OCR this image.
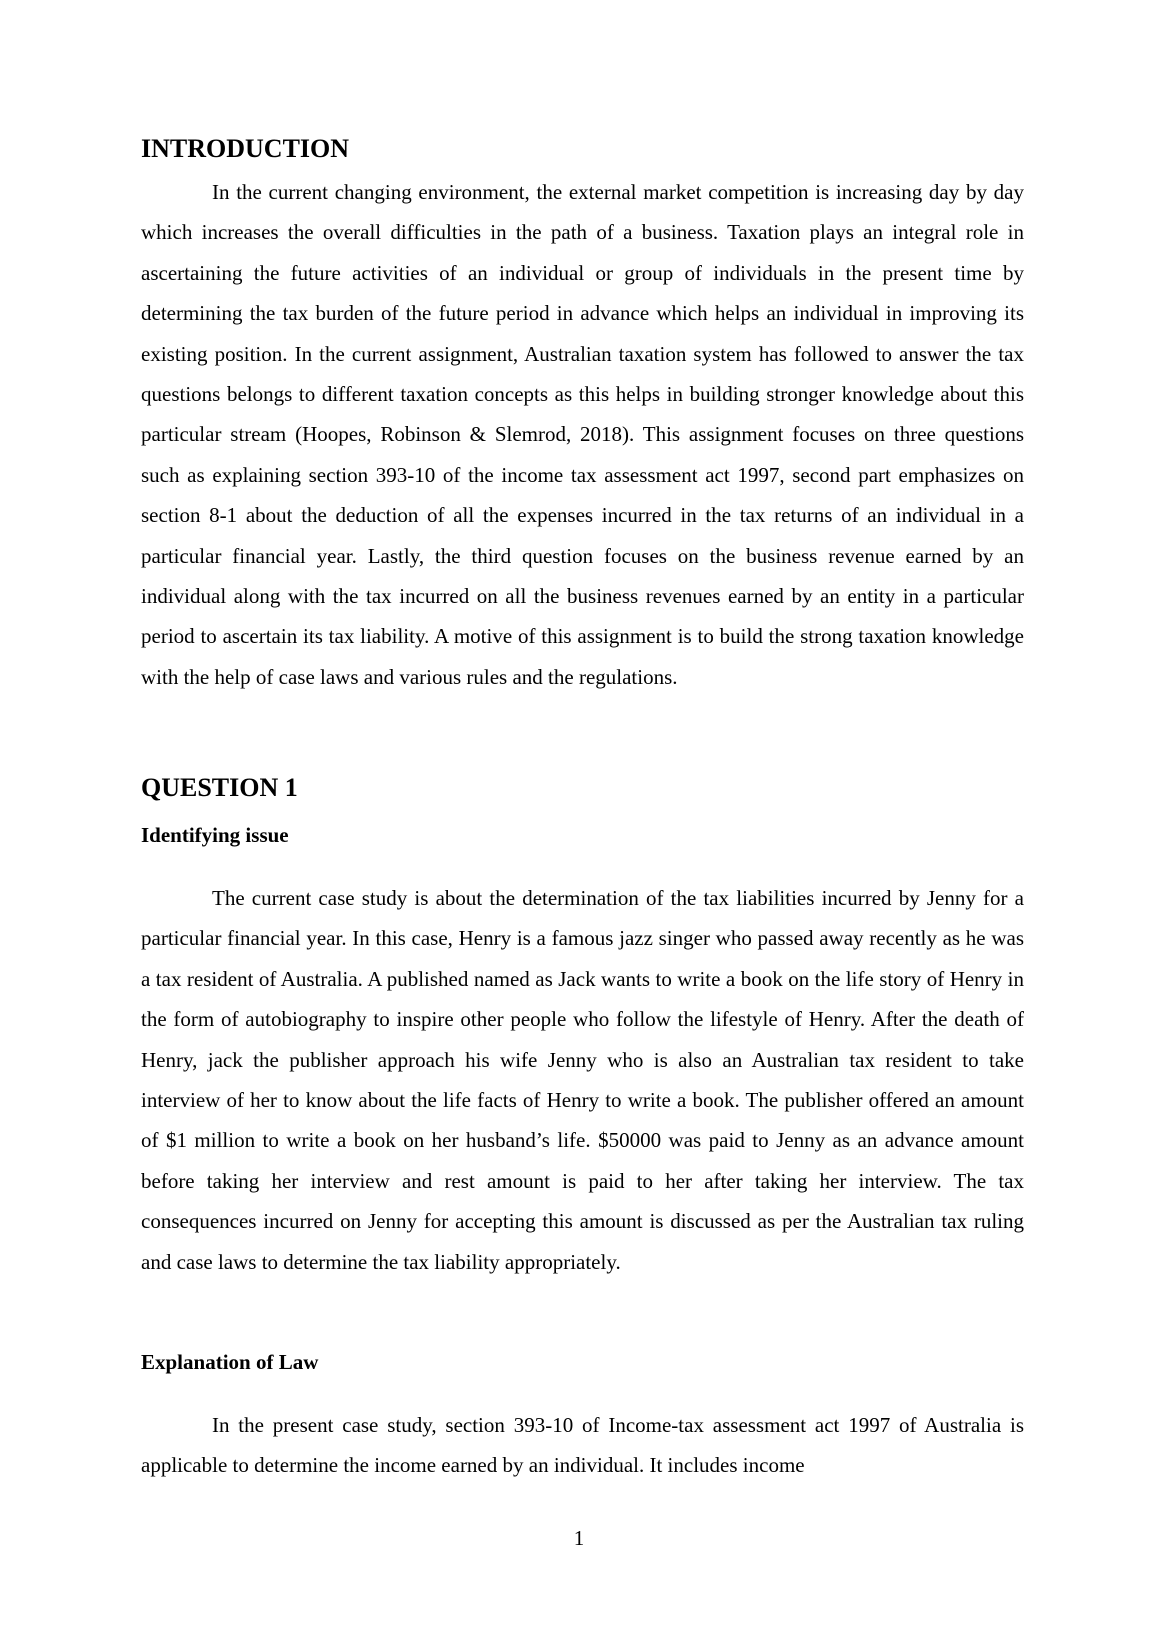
INTRODUCTION

In the current changing environment, the external market competition is increasing day by day which increases the overall difficulties in the path of a business. Taxation plays an integral role in ascertaining the future activities of an individual or group of individuals in the present time by determining the tax burden of the future period in advance which helps an individual in improving its existing position. In the current assignment, Australian taxation system has followed to answer the tax questions belongs to different taxation concepts as this helps in building stronger knowledge about this particular stream (Hoopes, Robinson & Slemrod, 2018). This assignment focuses on three questions such as explaining section 393-10 of the income tax assessment act 1997, second part emphasizes on section 8-1 about the deduction of all the expenses incurred in the tax returns of an individual in a particular financial year. Lastly, the third question focuses on the business revenue earned by an individual along with the tax incurred on all the business revenues earned by an entity in a particular period to ascertain its tax liability. A motive of this assignment is to build the strong taxation knowledge with the help of case laws and various rules and the regulations.

QUESTION 1
Identifying issue

The current case study is about the determination of the tax liabilities incurred by Jenny for a particular financial year. In this case, Henry is a famous jazz singer who passed away recently as he was a tax resident of Australia. A published named as Jack wants to write a book on the life story of Henry in the form of autobiography to inspire other people who follow the lifestyle of Henry. After the death of Henry, jack the publisher approach his wife Jenny who is also an Australian tax resident to take interview of her to know about the life facts of Henry to write a book. The publisher offered an amount of $1 million to write a book on her husband’s life. $50000 was paid to Jenny as an advance amount before taking her interview and rest amount is paid to her after taking her interview. The tax consequences incurred on Jenny for accepting this amount is discussed as per the Australian tax ruling and case laws to determine the tax liability appropriately.

Explanation of Law

In the present case study, section 393-10 of Income-tax assessment act 1997 of Australia is applicable to determine the income earned by an individual. It includes income

1
